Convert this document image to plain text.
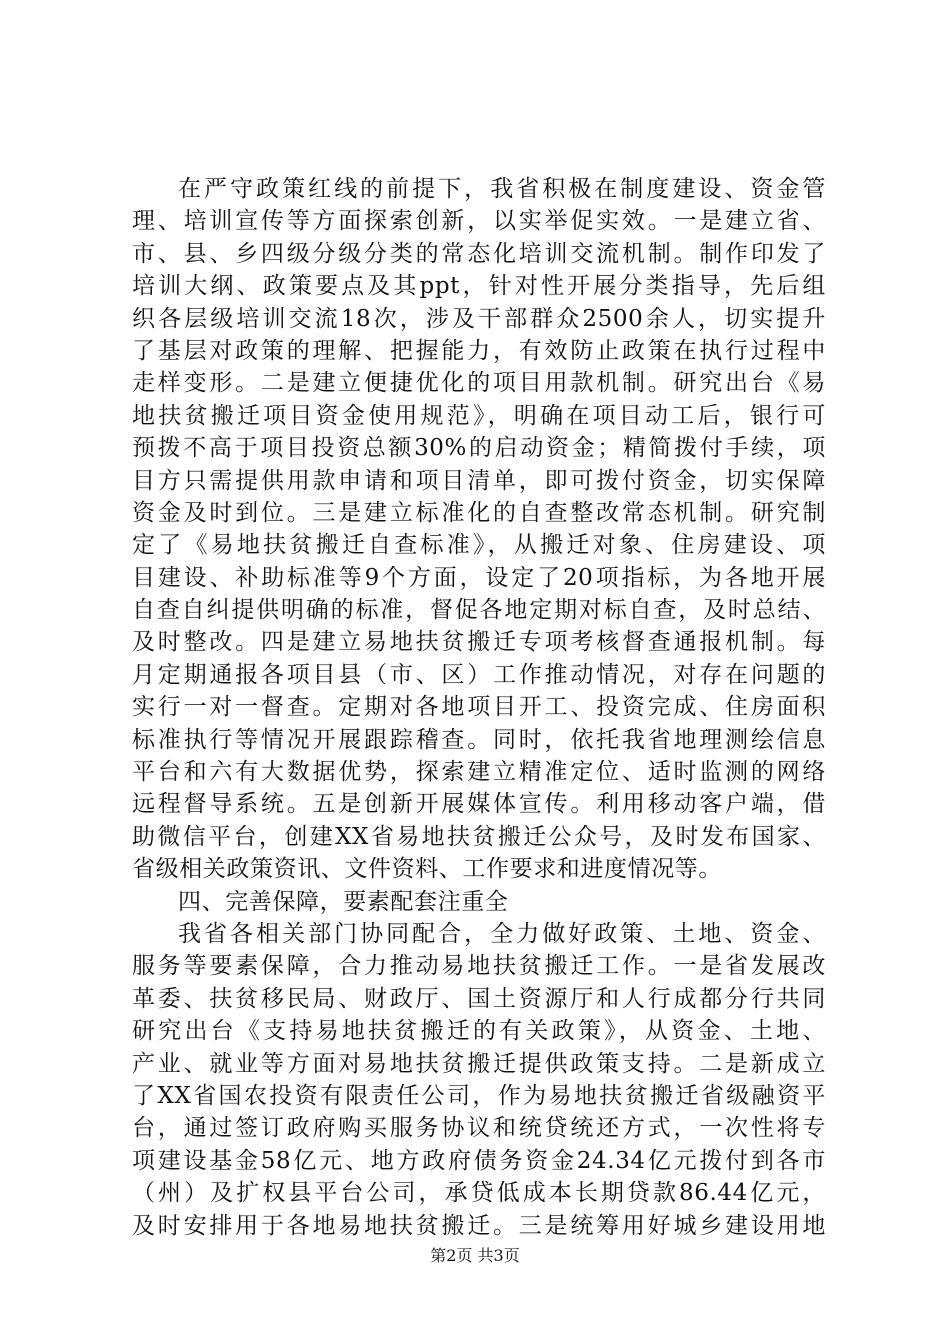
在严守政策红线的前提下，我省积极在制度建设、资金管
理、培训宣传等方面探索创新，以实举促实效。一是建立省、
市、县、乡四级分级分类的常态化培训交流机制。制作印发了
培训大纲、政策要点及其ppt，针对性开展分类指导，先后组
织各层级培训交流18次，涉及干部群众2500余人，切实提升
了基层对政策的理解、把握能力，有效防止政策在执行过程中
走样变形。二是建立便捷优化的项目用款机制。研究出台《易
地扶贫搬迁项目资金使用规范》，明确在项目动工后，银行可
预拨不高于项目投资总额30%的启动资金；精简拨付手续，项
目方只需提供用款申请和项目清单，即可拨付资金，切实保障
资金及时到位。三是建立标准化的自查整改常态机制。研究制
定了《易地扶贫搬迁自查标准》，从搬迁对象、住房建设、项
目建设、补助标准等9个方面，设定了20项指标，为各地开展
自查自纠提供明确的标准，督促各地定期对标自查，及时总结、
及时整改。四是建立易地扶贫搬迁专项考核督查通报机制。每
月定期通报各项目县（市、区）工作推动情况，对存在问题的
实行一对一督查。定期对各地项目开工、投资完成、住房面积
标准执行等情况开展跟踪稽查。同时，依托我省地理测绘信息
平台和六有大数据优势，探索建立精准定位、适时监测的网络
远程督导系统。五是创新开展媒体宣传。利用移动客户端，借
助微信平台，创建XX省易地扶贫搬迁公众号，及时发布国家、
省级相关政策资讯、文件资料、工作要求和进度情况等。
四、完善保障，要素配套注重全
我省各相关部门协同配合，全力做好政策、土地、资金、
服务等要素保障，合力推动易地扶贫搬迁工作。一是省发展改
革委、扶贫移民局、财政厅、国土资源厅和人行成都分行共同
研究出台《支持易地扶贫搬迁的有关政策》，从资金、土地、
产业、就业等方面对易地扶贫搬迁提供政策支持。二是新成立
了XX省国农投资有限责任公司，作为易地扶贫搬迁省级融资平
台，通过签订政府购买服务协议和统贷统还方式，一次性将专
项建设基金58亿元、地方政府债务资金24.34亿元拨付到各市
（州）及扩权县平台公司，承贷低成本长期贷款86.44亿元，
及时安排用于各地易地扶贫搬迁。三是统筹用好城乡建设用地
第2页 共3页
